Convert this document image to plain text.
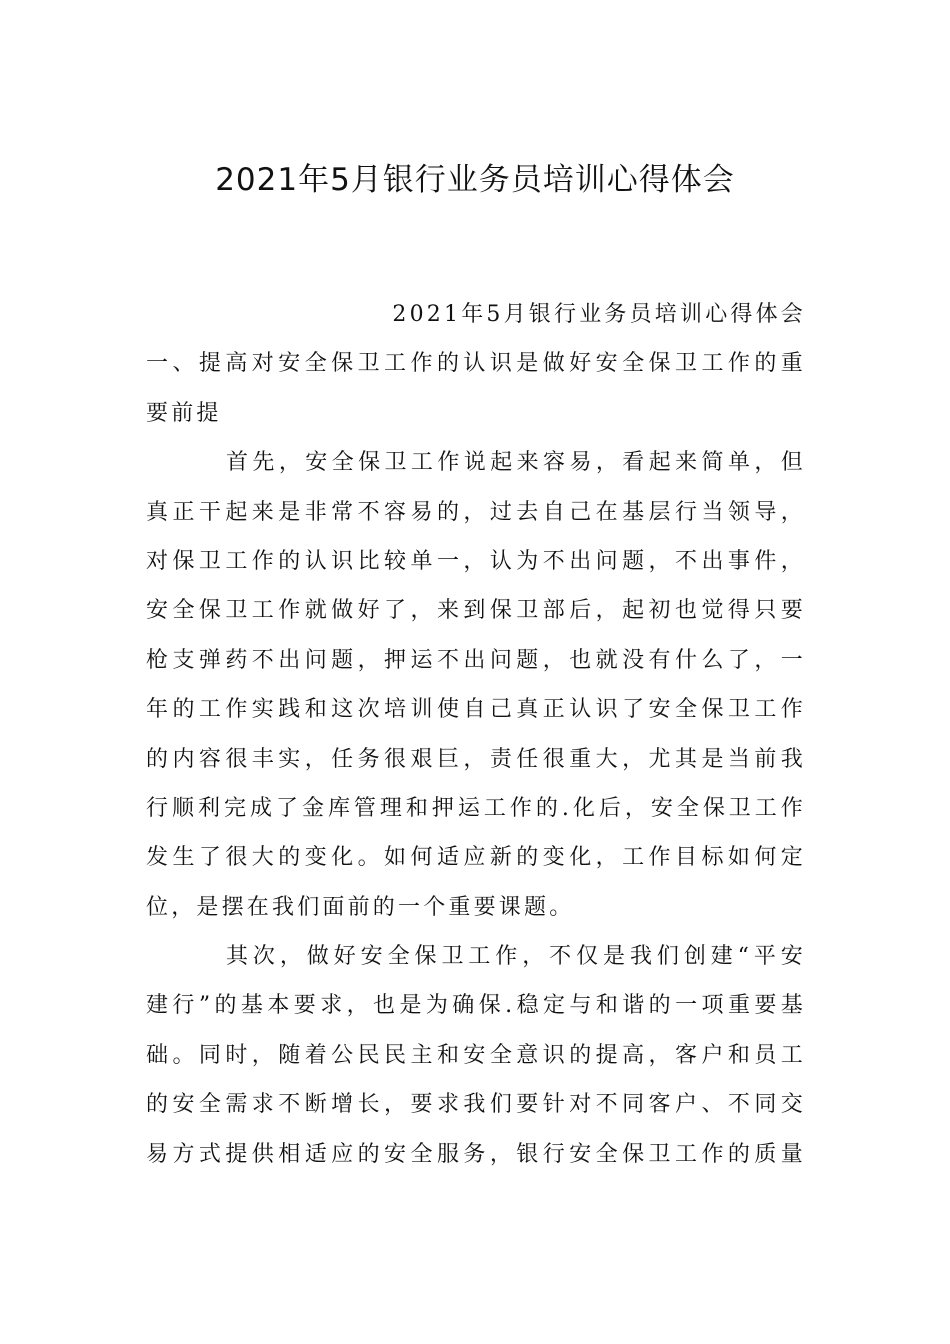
2021年5月银行业务员培训心得体会
2021年5月银行业务员培训心得体会
一、提高对安全保卫工作的认识是做好安全保卫工作的重
要前提
首先，安全保卫工作说起来容易，看起来简单，但
真正干起来是非常不容易的，过去自己在基层行当领导，
对保卫工作的认识比较单一，认为不出问题，不出事件，
安全保卫工作就做好了，来到保卫部后，起初也觉得只要
枪支弹药不出问题，押运不出问题，也就没有什么了，一
年的工作实践和这次培训使自己真正认识了安全保卫工作
的内容很丰实，任务很艰巨，责任很重大，尤其是当前我
行顺利完成了金库管理和押运工作的.化后，安全保卫工作
发生了很大的变化。如何适应新的变化，工作目标如何定
位，是摆在我们面前的一个重要课题。
其次，做好安全保卫工作，不仅是我们创建“平安
建行”的基本要求，也是为确保.稳定与和谐的一项重要基
础。同时，随着公民民主和安全意识的提高，客户和员工
的安全需求不断增长，要求我们要针对不同客户、不同交
易方式提供相适应的安全服务，银行安全保卫工作的质量
